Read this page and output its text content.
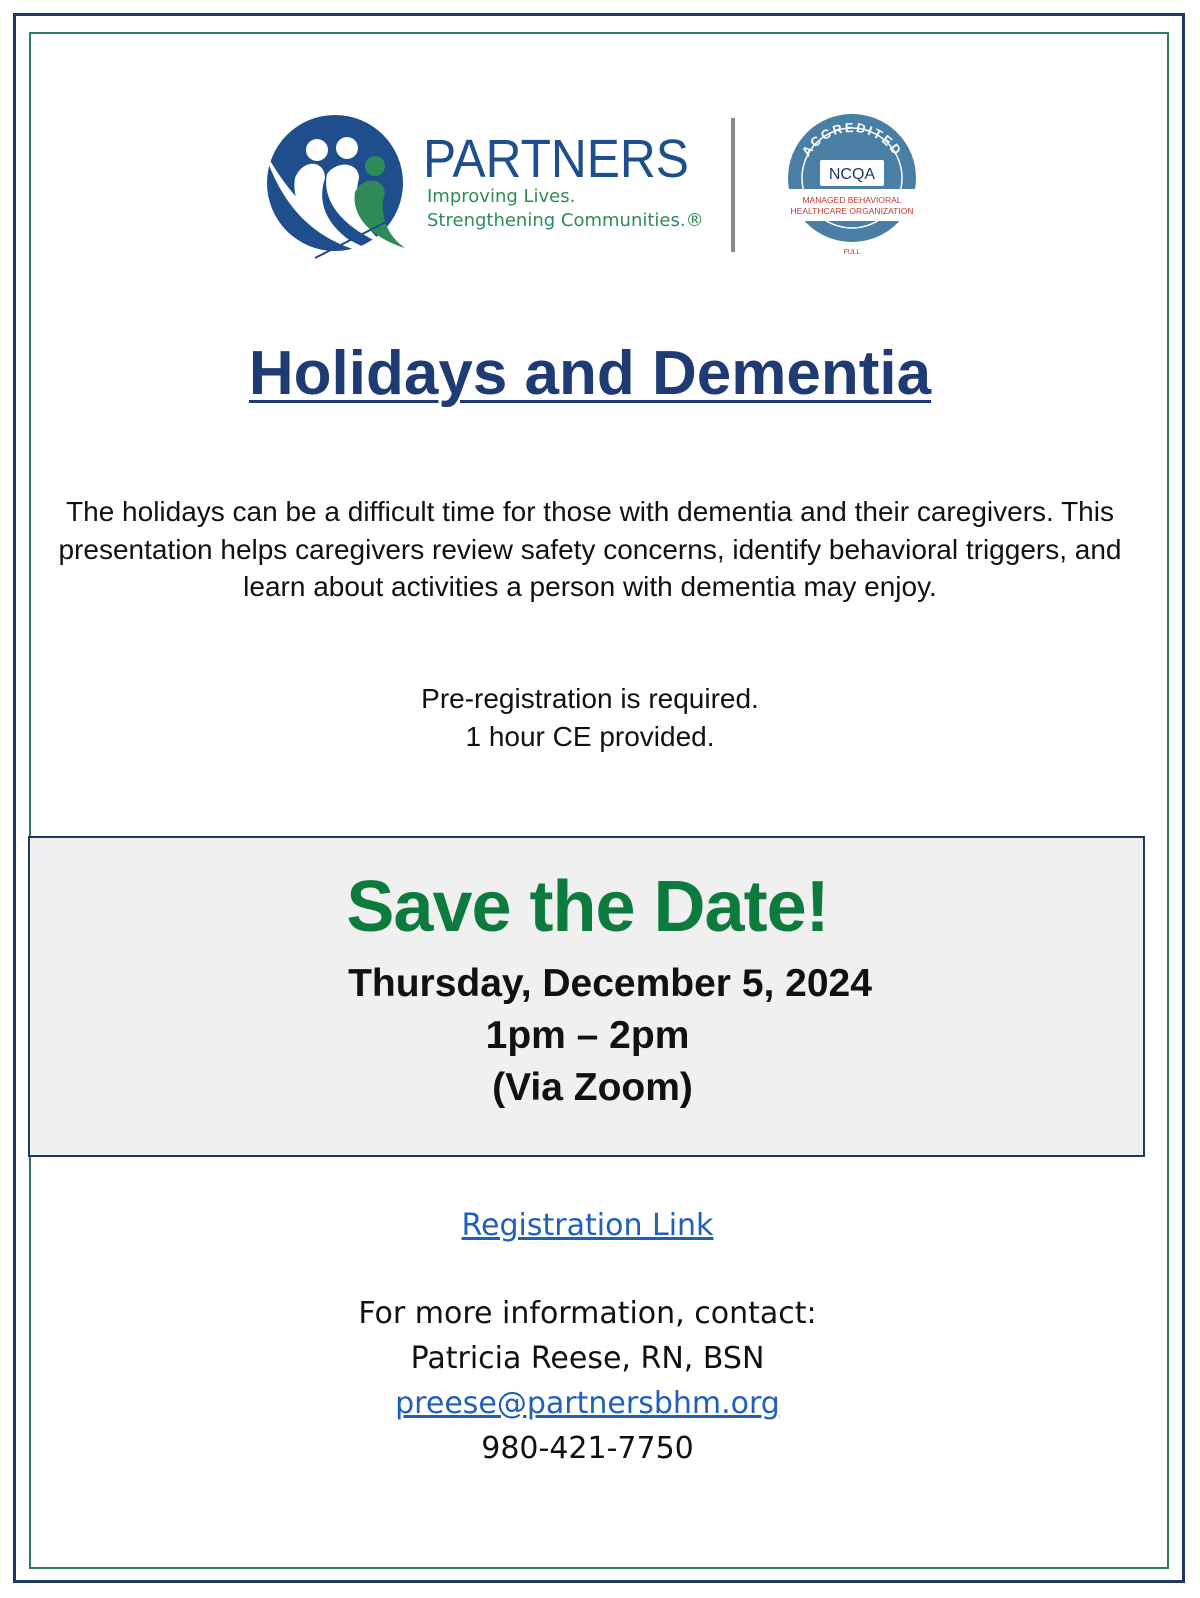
PARTNERS
Improving Lives.
Strengthening Communities.®
ACCREDITED
NCQA
MANAGED BEHAVIORAL
HEALTHCARE ORGANIZATION
FULL
Holidays and Dementia
The holidays can be a difficult time for those with dementia and their caregivers. This presentation helps caregivers review safety concerns, identify behavioral triggers, and learn about activities a person with dementia may enjoy.
Pre-registration is required.
1 hour CE provided.
Save the Date!
Thursday, December 5, 2024
1pm – 2pm
(Via Zoom)
Registration Link
For more information, contact:
Patricia Reese, RN, BSN
preese@partnersbhm.org
980-421-7750
